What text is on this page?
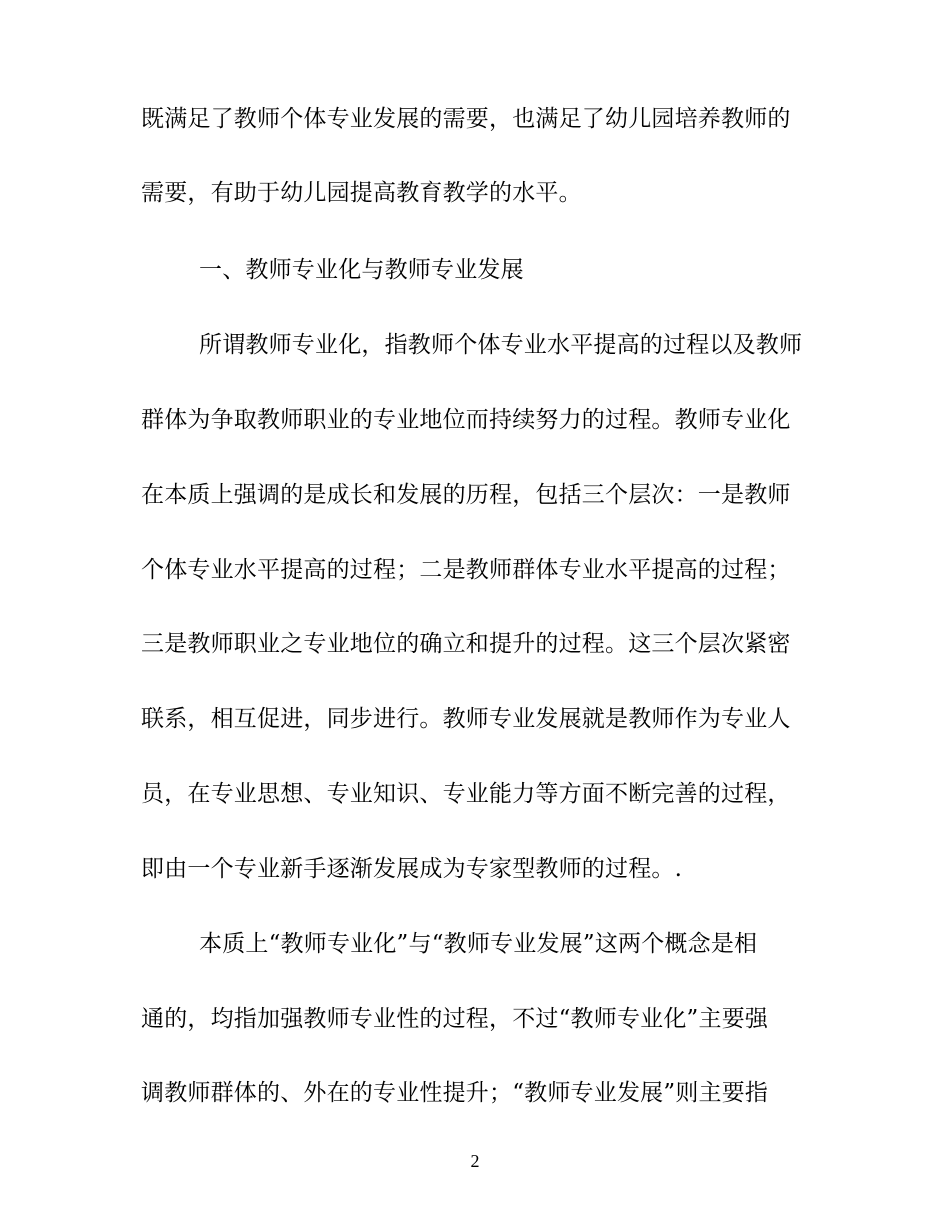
既满足了教师个体专业发展的需要，也满足了幼儿园培养教师的
需要，有助于幼儿园提高教育教学的水平。
一、教师专业化与教师专业发展
所谓教师专业化，指教师个体专业水平提高的过程以及教师
群体为争取教师职业的专业地位而持续努力的过程。教师专业化
在本质上强调的是成长和发展的历程，包括三个层次：一是教师
个体专业水平提高的过程；二是教师群体专业水平提高的过程；
三是教师职业之专业地位的确立和提升的过程。这三个层次紧密
联系，相互促进，同步进行。教师专业发展就是教师作为专业人
员，在专业思想、专业知识、专业能力等方面不断完善的过程，
即由一个专业新手逐渐发展成为专家型教师的过程。.
本质上“教师专业化”与“教师专业发展”这两个概念是相
通的，均指加强教师专业性的过程，不过“教师专业化”主要强
调教师群体的、外在的专业性提升；“教师专业发展”则主要指
2
